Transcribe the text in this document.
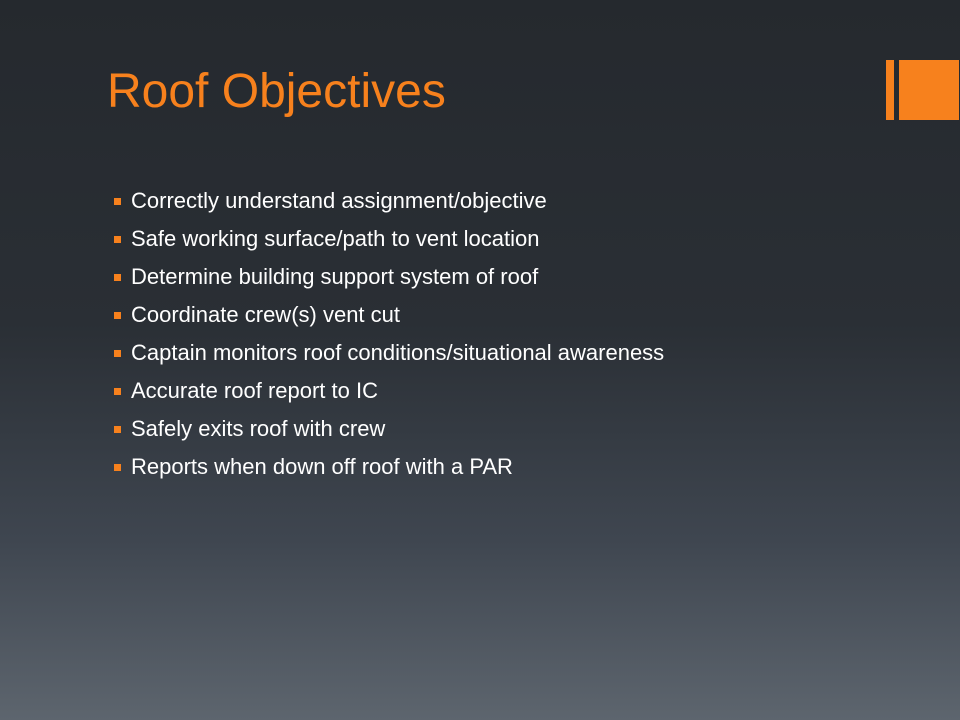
Roof Objectives
Correctly understand assignment/objective
Safe working surface/path to vent location
Determine building support system of roof
Coordinate crew(s) vent cut
Captain monitors roof conditions/situational awareness
Accurate roof report to IC
Safely exits roof with crew
Reports when down off roof with a PAR
